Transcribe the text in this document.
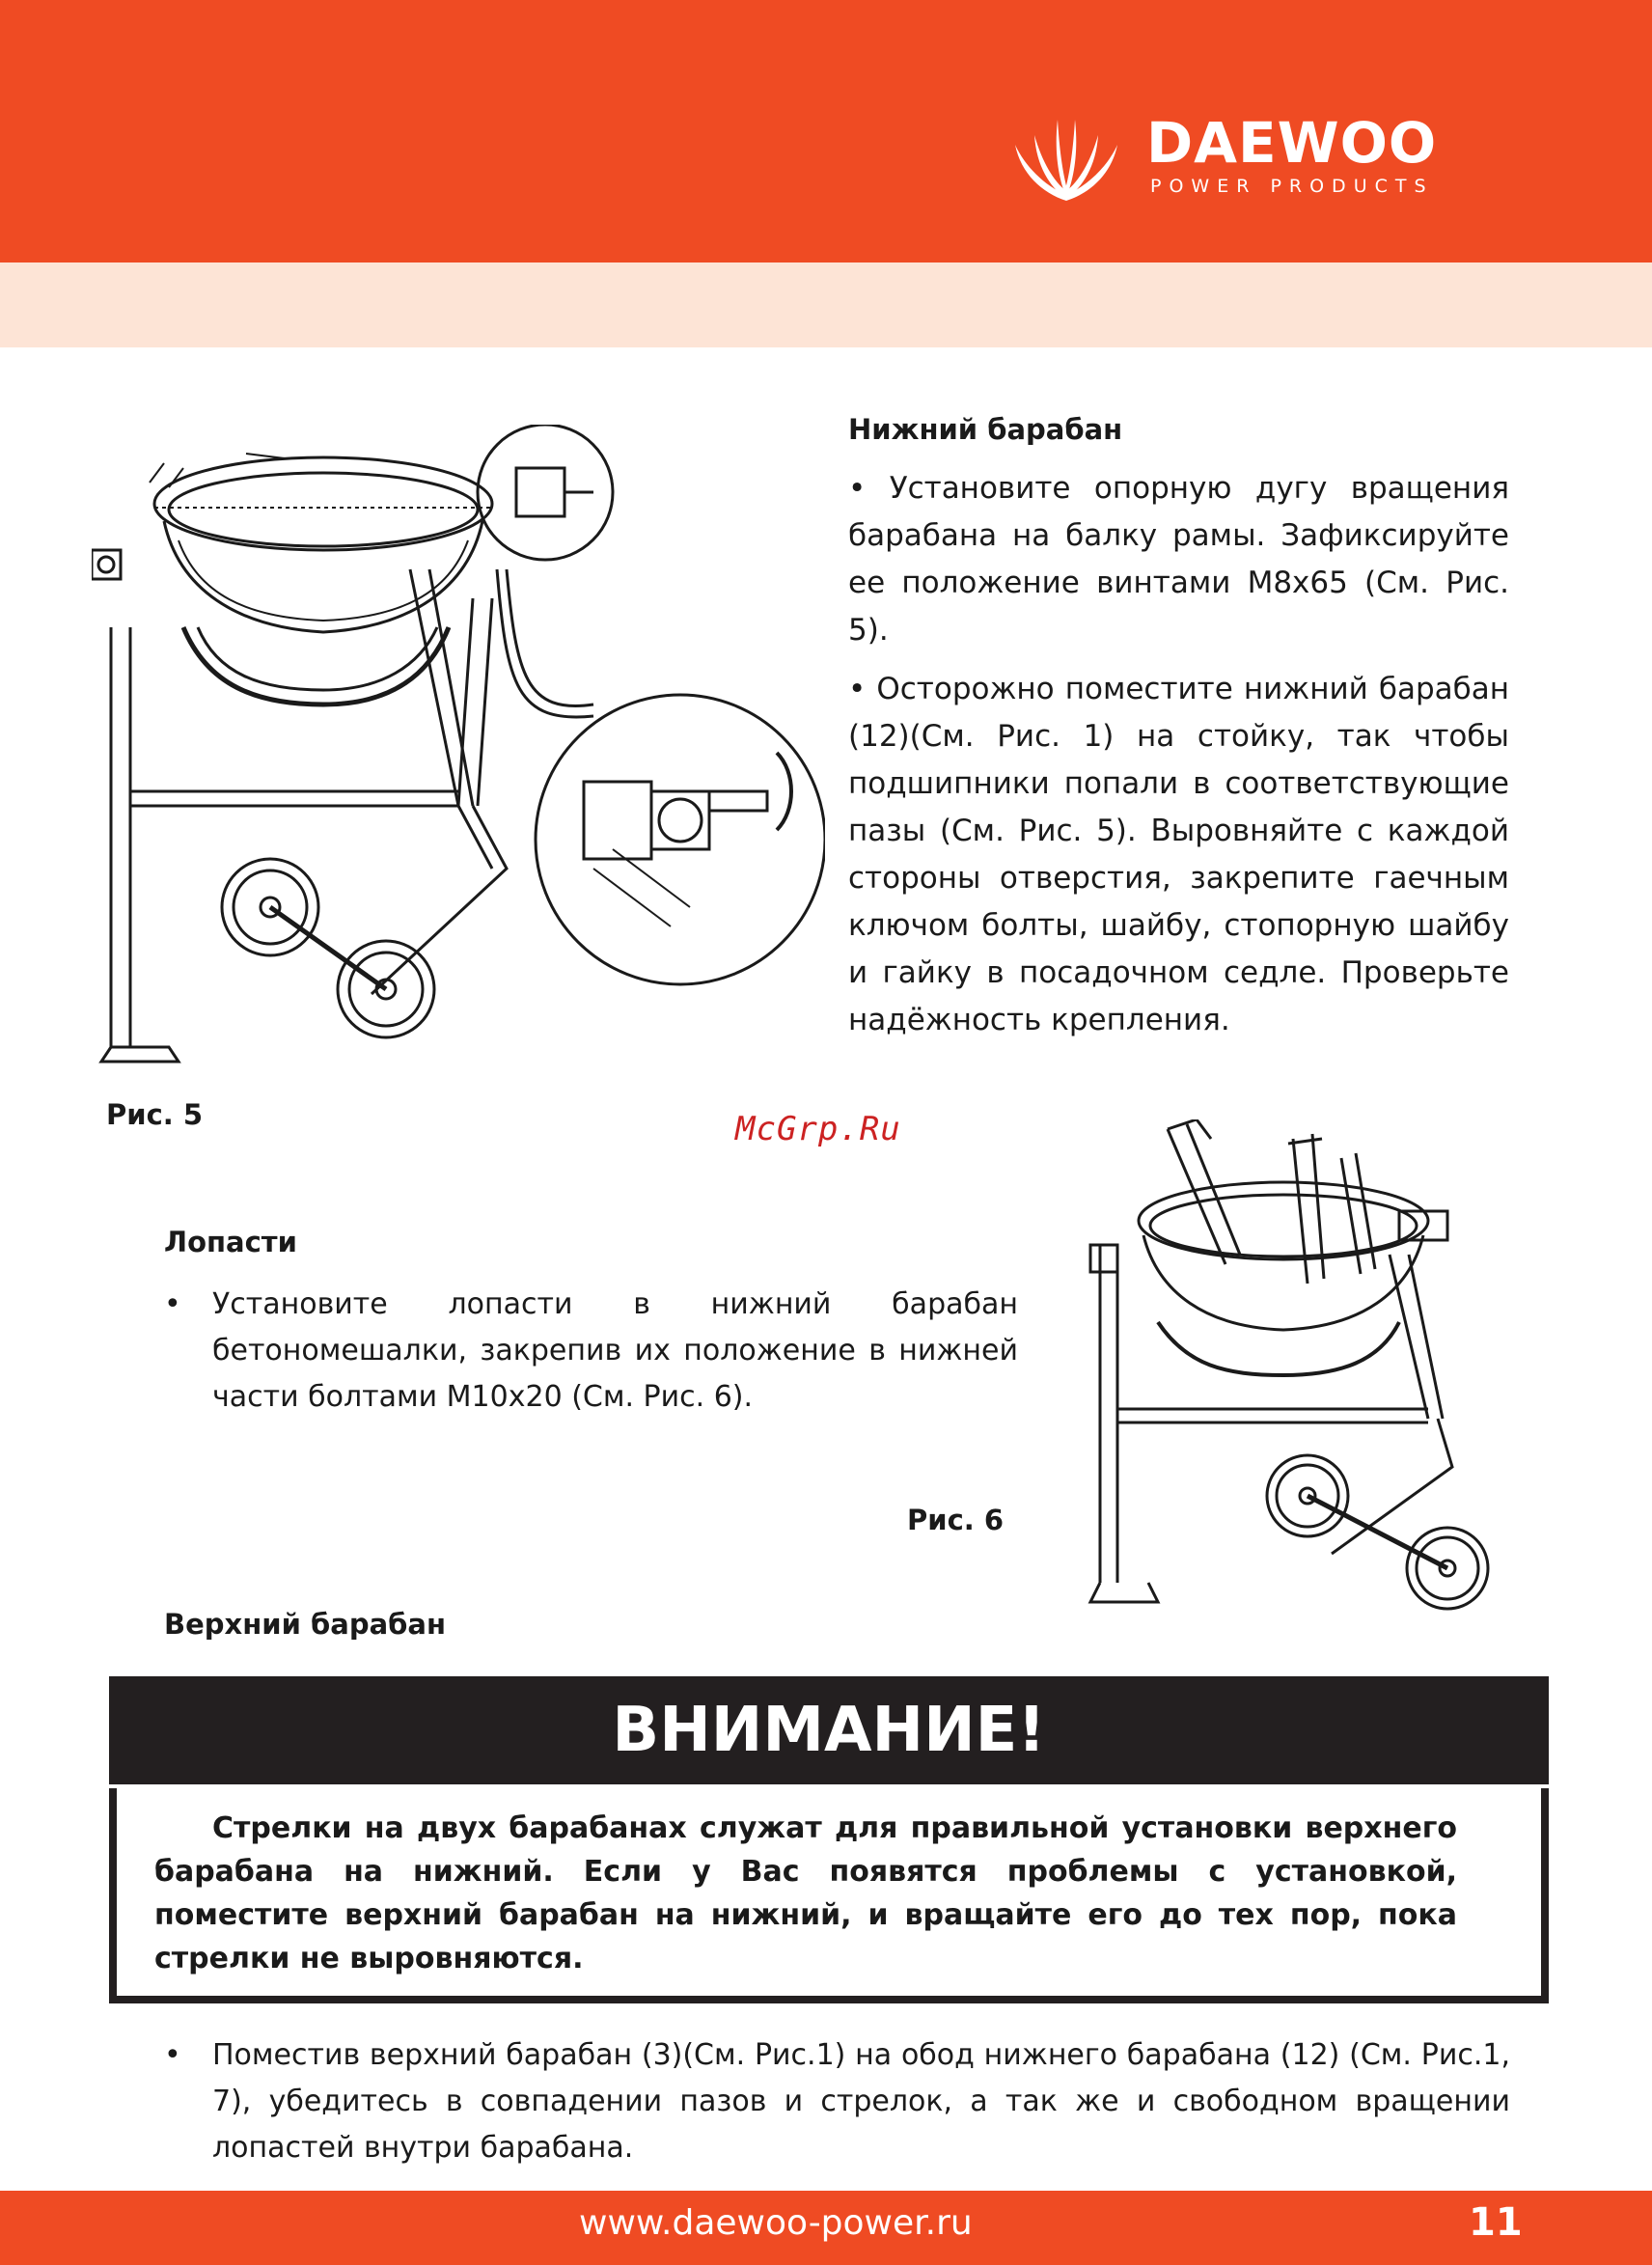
DAEWOO
POWER PRODUCTS
Нижний барабан
• Установите опорную дугу вращения барабана на балку рамы. Зафиксируйте ее положение винтами М8х65 (См. Рис. 5).
• Осторожно поместите нижний барабан (12)(См. Рис. 1) на стойку, так чтобы подшипники попали в соответствующие пазы (См. Рис. 5). Выровняйте с каждой стороны отверстия, закрепите гаечным ключом болты, шайбу, стопорную шайбу и гайку в посадочном седле. Проверьте надёжность крепления.
Рис. 5	McGrp.Ru
Лопасти
• Установите лопасти в нижний барабан бетономешалки, закрепив их положение в нижней части болтами М10х20 (См. Рис. 6).
Рис. 6
Верхний барабан
ВНИМАНИЕ!
Стрелки на двух барабанах служат для правильной установки верхнего барабана на нижний. Если у Вас появятся проблемы с установкой, поместите верхний барабан на нижний, и вращайте его до тех пор, пока стрелки не выровняются.
• Поместив верхний барабан (3)(См. Рис.1) на обод нижнего барабана (12) (См. Рис.1, 7), убедитесь в совпадении пазов и стрелок, а так же и свободном вращении лопастей внутри барабана.
www.daewoo-power.ru	11
